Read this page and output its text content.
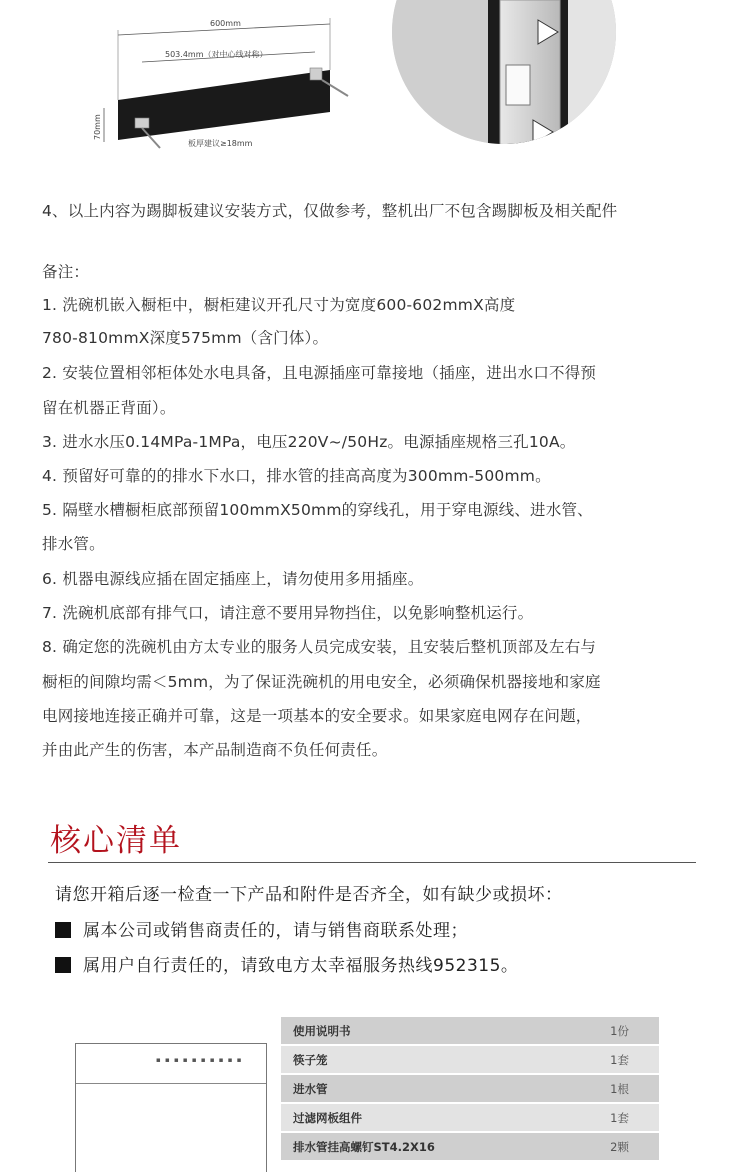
600mm
503.4mm（对中心线对称）
70mm
板厚建议≥18mm
4、以上内容为踢脚板建议安装方式，仅做参考，整机出厂不包含踢脚板及相关配件
备注：
1. 洗碗机嵌入橱柜中，橱柜建议开孔尺寸为宽度600-602mmX高度
780-810mmX深度575mm（含门体）。
2. 安装位置相邻柜体处水电具备，且电源插座可靠接地（插座，进出水口不得预
留在机器正背面）。
3. 进水水压0.14MPa-1MPa，电压220V~/50Hz。电源插座规格三孔10A。
4. 预留好可靠的的排水下水口，排水管的挂高高度为300mm-500mm。
5. 隔壁水槽橱柜底部预留100mmX50mm的穿线孔，用于穿电源线、进水管、
排水管。
6. 机器电源线应插在固定插座上，请勿使用多用插座。
7. 洗碗机底部有排气口，请注意不要用异物挡住，以免影响整机运行。
8. 确定您的洗碗机由方太专业的服务人员完成安装，且安装后整机顶部及左右与
橱柜的间隙均需＜5mm，为了保证洗碗机的用电安全，必须确保机器接地和家庭
电网接地连接正确并可靠，这是一项基本的安全要求。如果家庭电网存在问题，
并由此产生的伤害，本产品制造商不负任何责任。
核心清单
请您开箱后逐一检查一下产品和附件是否齐全，如有缺少或损坏：
属本公司或销售商责任的，请与销售商联系处理；
属用户自行责任的，请致电方太幸福服务热线952315。
▪ ▪ ▪ ▪ ▪ ▪ ▪ ▪ ▪ ▪
使用说明书	1份
筷子笼	1套
进水管	1根
过滤网板组件	1套
排水管挂高螺钉ST4.2X16	2颗
